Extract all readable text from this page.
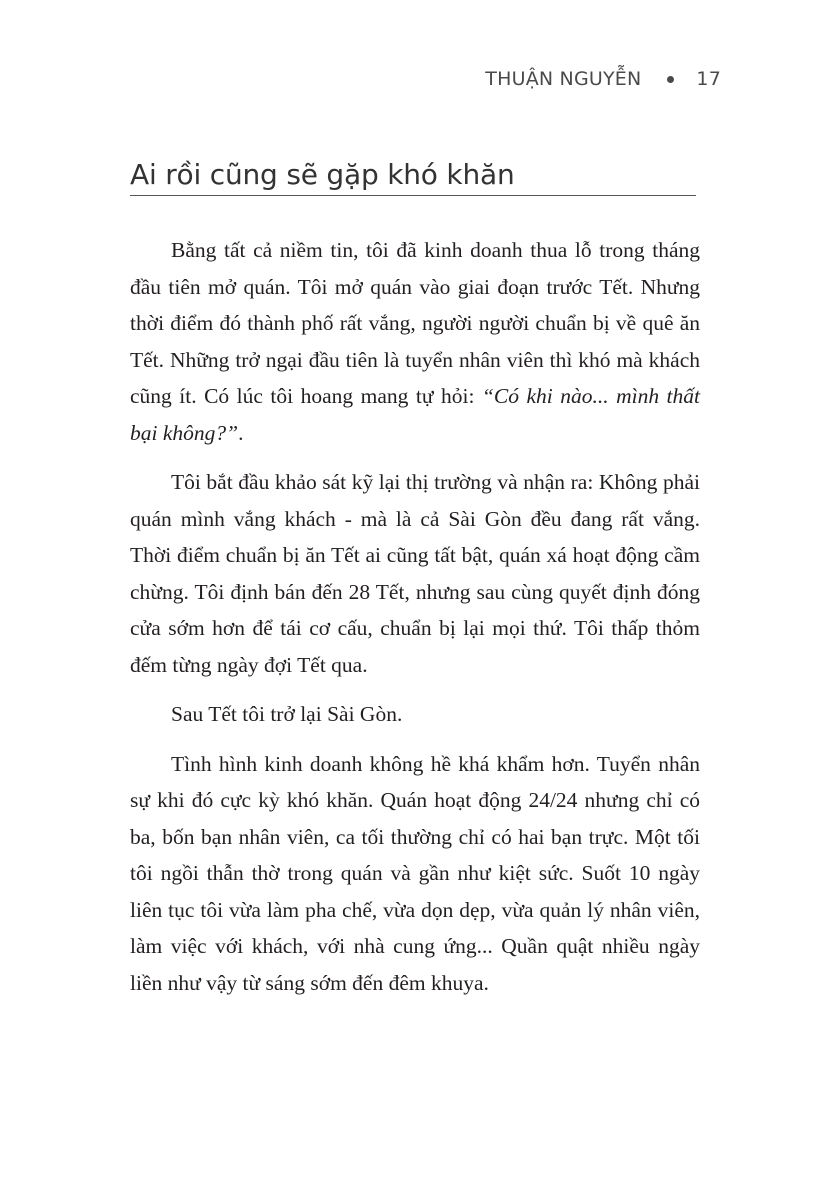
THUẬN NGUYỄN	17
Ai rồi cũng sẽ gặp khó khăn

Bằng tất cả niềm tin, tôi đã kinh doanh thua lỗ trong tháng đầu tiên mở quán. Tôi mở quán vào giai đoạn trước Tết. Nhưng thời điểm đó thành phố rất vắng, người người chuẩn bị về quê ăn Tết. Những trở ngại đầu tiên là tuyển nhân viên thì khó mà khách cũng ít. Có lúc tôi hoang mang tự hỏi: “Có khi nào... mình thất bại không?”.

Tôi bắt đầu khảo sát kỹ lại thị trường và nhận ra: Không phải quán mình vắng khách - mà là cả Sài Gòn đều đang rất vắng. Thời điểm chuẩn bị ăn Tết ai cũng tất bật, quán xá hoạt động cầm chừng. Tôi định bán đến 28 Tết, nhưng sau cùng quyết định đóng cửa sớm hơn để tái cơ cấu, chuẩn bị lại mọi thứ. Tôi thấp thỏm đếm từng ngày đợi Tết qua.

Sau Tết tôi trở lại Sài Gòn.

Tình hình kinh doanh không hề khá khẩm hơn. Tuyển nhân sự khi đó cực kỳ khó khăn. Quán hoạt động 24/24 nhưng chỉ có ba, bốn bạn nhân viên, ca tối thường chỉ có hai bạn trực. Một tối tôi ngồi thẫn thờ trong quán và gần như kiệt sức. Suốt 10 ngày liên tục tôi vừa làm pha chế, vừa dọn dẹp, vừa quản lý nhân viên, làm việc với khách, với nhà cung ứng... Quần quật nhiều ngày liền như vậy từ sáng sớm đến đêm khuya.
